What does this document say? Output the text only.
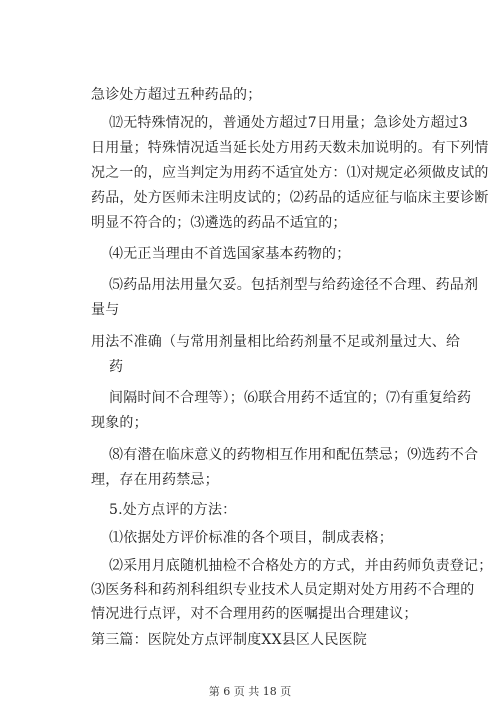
急诊处方超过五种药品的；
⑿无特殊情况的，普通处方超过7日用量；急诊处方超过3
日用量；特殊情况适当延长处方用药天数未加说明的。有下列情
况之一的，应当判定为用药不适宜处方：⑴对规定必须做皮试的
药品，处方医师未注明皮试的；⑵药品的适应征与临床主要诊断
明显不符合的；⑶遴选的药品不适宜的；
⑷无正当理由不首选国家基本药物的；
⑸药品用法用量欠妥。包括剂型与给药途径不合理、药品剂
量与
用法不准确（与常用剂量相比给药剂量不足或剂量过大、给
药
间隔时间不合理等）；⑹联合用药不适宜的；⑺有重复给药
现象的；
⑻有潜在临床意义的药物相互作用和配伍禁忌；⑼选药不合
理，存在用药禁忌；
5.处方点评的方法：
⑴依据处方评价标准的各个项目，制成表格；
⑵采用月底随机抽检不合格处方的方式，并由药师负责登记；
⑶医务科和药剂科组织专业技术人员定期对处方用药不合理的
情况进行点评，对不合理用药的医嘱提出合理建议；
第三篇：医院处方点评制度XX县区人民医院
第 6 页 共 18 页
